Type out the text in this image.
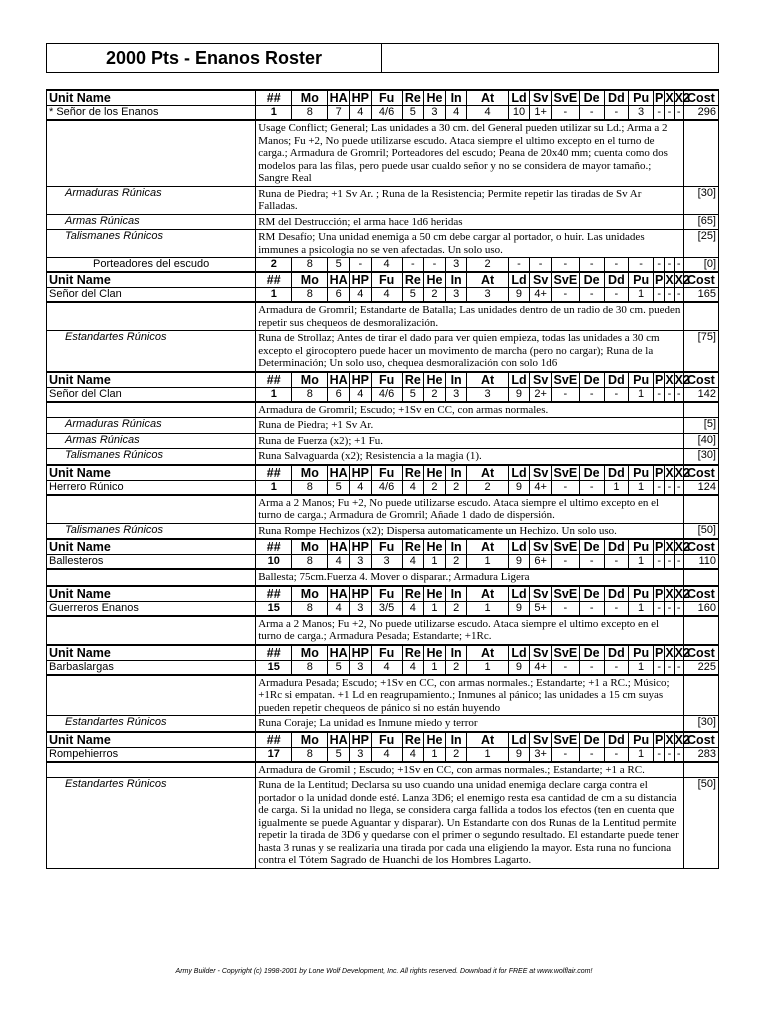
2000 Pts - Enanos Roster
Unit Name	##	Mo	HA	HP	Fu	Re	He	In	At	Ld	Sv	SvE	De	Dd	Pu	P	X	X2	Cost
* Señor de los Enanos	1	8	7	4	4/6	5	3	4	4	10	1+	-	-	-	3	-	-	-	296
	Usage Conflict; General; Las unidades a 30 cm. del General pueden utilizar su Ld.; Arma a 2 Manos; Fu +2, No puede utilizarse escudo. Ataca siempre el ultimo excepto en el turno de carga.; Armadura de Gromril; Porteadores del escudo; Peana de 20x40 mm; cuenta como dos modelos para las filas, pero puede usar cualdo señor y no se considera de mayor tamaño.; Sangre Real																		
Armaduras Rúnicas	Runa de Piedra; +1 Sv Ar. ; Runa de la Resistencia; Permite repetir las tiradas de Sv Ar Falladas.																		[30]
Armas Rúnicas	RM del Destrucción; el arma hace 1d6 heridas																		[65]
Talismanes Rúnicos	RM Desafío; Una unidad enemiga a 50 cm debe cargar al portador, o huir. Las unidades immunes a psicologia no se ven afectadas. Un solo uso.																		[25]
Porteadores del escudo	2	8	5	-	4	-	-	3	2	-	-	-	-	-	-	-	-	-	[0]
Unit Name	##	Mo	HA	HP	Fu	Re	He	In	At	Ld	Sv	SvE	De	Dd	Pu	P	X	X2	Cost
Señor del Clan	1	8	6	4	4	5	2	3	3	9	4+	-	-	-	1	-	-	-	165
	Armadura de Gromril; Estandarte de Batalla; Las unidades dentro de un radio de 30 cm. pueden repetir sus chequeos de desmoralización.																		
Estandartes Rúnicos	Runa de Strollaz; Antes de tirar el dado para ver quien empieza, todas las unidades a 30 cm excepto el girocoptero puede hacer un movimento de marcha (pero no cargar); Runa de la Determinación; Un solo uso, chequea desmoralización con solo 1d6																		[75]
Unit Name	##	Mo	HA	HP	Fu	Re	He	In	At	Ld	Sv	SvE	De	Dd	Pu	P	X	X2	Cost
Señor del Clan	1	8	6	4	4/6	5	2	3	3	9	2+	-	-	-	1	-	-	-	142
	Armadura de Gromril; Escudo; +1Sv en CC, con armas normales.																		
Armaduras Rúnicas	Runa de Piedra; +1 Sv Ar.																		[5]
Armas Rúnicas	Runa de Fuerza (x2); +1 Fu.																		[40]
Talismanes Rúnicos	Runa Salvaguarda (x2); Resistencia a la magia (1).																		[30]
Unit Name	##	Mo	HA	HP	Fu	Re	He	In	At	Ld	Sv	SvE	De	Dd	Pu	P	X	X2	Cost
Herrero Rúnico	1	8	5	4	4/6	4	2	2	2	9	4+	-	-	1	1	-	-	-	124
	Arma a 2 Manos; Fu +2, No puede utilizarse escudo. Ataca siempre el ultimo excepto en el turno de carga.; Armadura de Gromril; Añade 1 dado de dispersión.																		
Talismanes Rúnicos	Runa Rompe Hechizos (x2); Dispersa automaticamente un Hechizo. Un solo uso.																		[50]
Unit Name	##	Mo	HA	HP	Fu	Re	He	In	At	Ld	Sv	SvE	De	Dd	Pu	P	X	X2	Cost
Ballesteros	10	8	4	3	3	4	1	2	1	9	6+	-	-	-	1	-	-	-	110
	Ballesta; 75cm.Fuerza 4. Mover o disparar.; Armadura Ligera																		
Unit Name	##	Mo	HA	HP	Fu	Re	He	In	At	Ld	Sv	SvE	De	Dd	Pu	P	X	X2	Cost
Guerreros Enanos	15	8	4	3	3/5	4	1	2	1	9	5+	-	-	-	1	-	-	-	160
	Arma a 2 Manos; Fu +2, No puede utilizarse escudo. Ataca siempre el ultimo excepto en el turno de carga.; Armadura Pesada; Estandarte; +1Rc.																		
Unit Name	##	Mo	HA	HP	Fu	Re	He	In	At	Ld	Sv	SvE	De	Dd	Pu	P	X	X2	Cost
Barbaslargas	15	8	5	3	4	4	1	2	1	9	4+	-	-	-	1	-	-	-	225
	Armadura Pesada; Escudo; +1Sv en CC, con armas normales.; Estandarte; +1 a RC.; Músico; +1Rc si empatan. +1 Ld en reagrupamiento.; Inmunes al pánico; las unidades a 15 cm suyas pueden repetir chequeos de pánico si no están huyendo																		
Estandartes Rúnicos	Runa Coraje; La unidad es Inmune miedo y terror																		[30]
Unit Name	##	Mo	HA	HP	Fu	Re	He	In	At	Ld	Sv	SvE	De	Dd	Pu	P	X	X2	Cost
Rompehierros	17	8	5	3	4	4	1	2	1	9	3+	-	-	-	1	-	-	-	283
	Armadura de Gromil ; Escudo; +1Sv en CC, con armas normales.; Estandarte; +1 a RC.																		
Estandartes Rúnicos	Runa de la Lentitud; Declarsa su uso cuando una unidad enemiga declare carga contra el portador o la unidad donde esté. Lanza 3D6; el enemigo resta esa cantidad de cm a su distancia de carga. Si la unidad no llega, se considera carga fallida a todos los efectos (ten en cuenta que igualmente se puede Aguantar y disparar). Un Estandarte con dos Runas de la Lentitud permite repetir la tirada de 3D6 y quedarse con el primer o segundo resultado. El estandarte puede tener hasta 3 runas y se realizaria una tirada por cada una eligiendo la mayor. Esta runa no funciona contra el Tótem Sagrado de Huanchi de los Hombres Lagarto.																		[50]
Army Builder - Copyright (c) 1998-2001 by Lone Wolf Development, Inc. All rights reserved. Download it for FREE at www.wolflair.com!
